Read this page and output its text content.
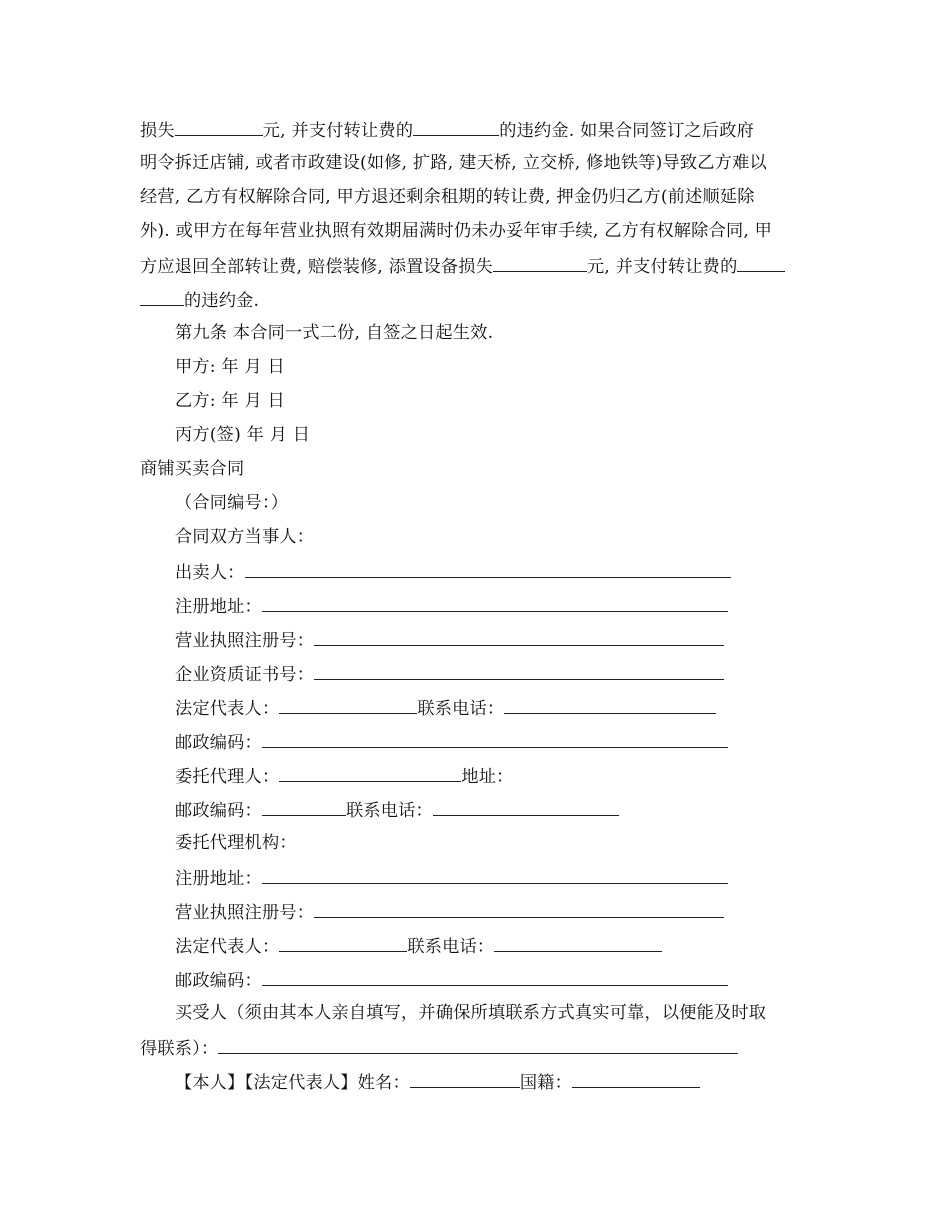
损失	元, 并支付转让费的	的违约金. 如果合同签订之后政府
明令拆迁店铺, 或者市政建设(如修, 扩路, 建天桥, 立交桥, 修地铁等)导致乙方难以
经营, 乙方有权解除合同, 甲方退还剩余租期的转让费, 押金仍归乙方(前述顺延除
外). 或甲方在每年营业执照有效期届满时仍未办妥年审手续, 乙方有权解除合同, 甲
方应退回全部转让费, 赔偿装修, 添置设备损失	元, 并支付转让费的
的违约金.
第九条 本合同一式二份, 自签之日起生效.
甲方: 年 月 日
乙方: 年 月 日
丙方(签) 年 月 日
商铺买卖合同
（合同编号：）
合同双方当事人：
出卖人：
注册地址：
营业执照注册号：
企业资质证书号：
法定代表人：	联系电话：
邮政编码：
委托代理人：	地址：
邮政编码：	联系电话：
委托代理机构：
注册地址：
营业执照注册号：
法定代表人：	联系电话：
邮政编码：
买受人（须由其本人亲自填写，并确保所填联系方式真实可靠，以便能及时取
得联系）：
【本人】【法定代表人】姓名：	国籍：
